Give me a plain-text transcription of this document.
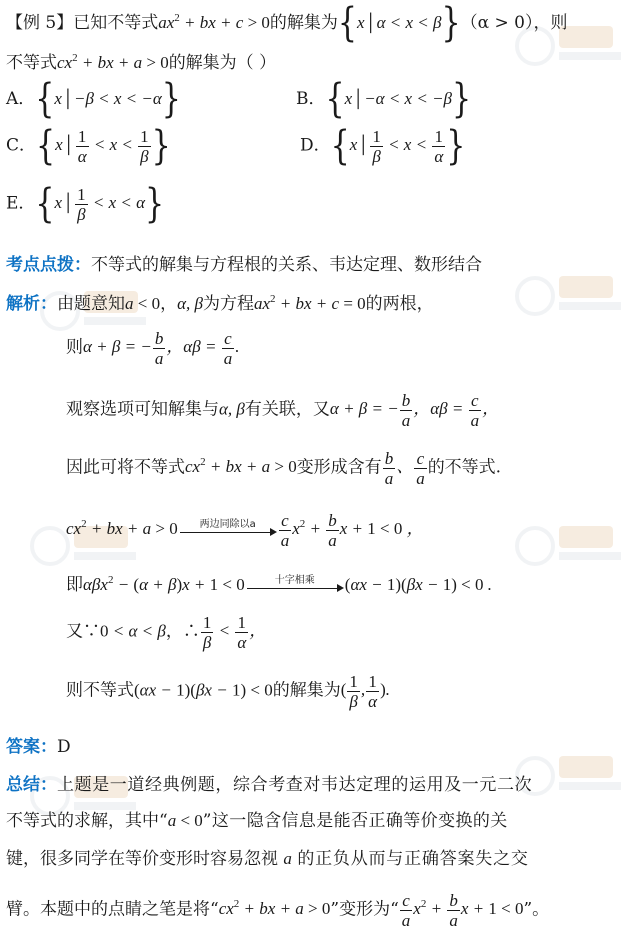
【例 5】已知不等式$ax^2$ + bx + c > 0的解集为{x│α < x < β}（α > 0），则
不等式$cx^2$ + bx + a > 0的解集为（ ）
A．{x│−β < x < −α}	B．{x│−α < x < −β}
C．{x│ $\frac{1}{\alpha} < x < \frac{1}{\beta}$ }	D．{x│ $\frac{1}{\beta} < x < \frac{1}{\alpha}$ }
E．{x│ $\frac{1}{\beta} < x < \alpha$}
考点点拨：不等式的解集与方程根的关系、韦达定理、数形结合
解析：由题意知a < 0，α, β为方程$ax^2$ + bx + c = 0的两根，
则α + β = − $\frac{b}{a}$ ，$\alpha\beta = \frac{c}{a}$ .
观察选项可知解集与α, β有关联，又α + β = − $\frac{b}{a}$ ，$\alpha\beta = \frac{c}{a}$ ，
因此可将不等式$cx^2$ + bx + a > 0变形成含有 $\frac{b}{a}$ 、 $\frac{c}{a}$ 的不等式.
$cx^2$ + bx + a > 0	两边同除以a	$\frac{c}{a} x^2 + \frac{b}{a}$ x + 1 < 0 ，
即αβx$^2$ − (α + β)x + 1 < 0	十字相乘	(αx − 1)(βx − 1) < 0 .
又∵0 < α < β，∴ $\frac{1}{\beta} < \frac{1}{\alpha}$ ，
则不等式(αx − 1)(βx − 1) < 0的解集为( $\frac{1}{\beta}$ , $\frac{1}{\alpha}$ ).
答案：D
总结：上题是一道经典例题，综合考查对韦达定理的运用及一元二次
不等式的求解，其中“a < 0”这一隐含信息是能否正确等价变换的关
键，很多同学在等价变形时容易忽视 a 的正负从而与正确答案失之交
臂。本题中的点睛之笔是将“$cx^2$ + bx + a > 0”变形为“ $\frac{c}{a} x^2 + \frac{b}{a}$ x + 1 < 0”。
